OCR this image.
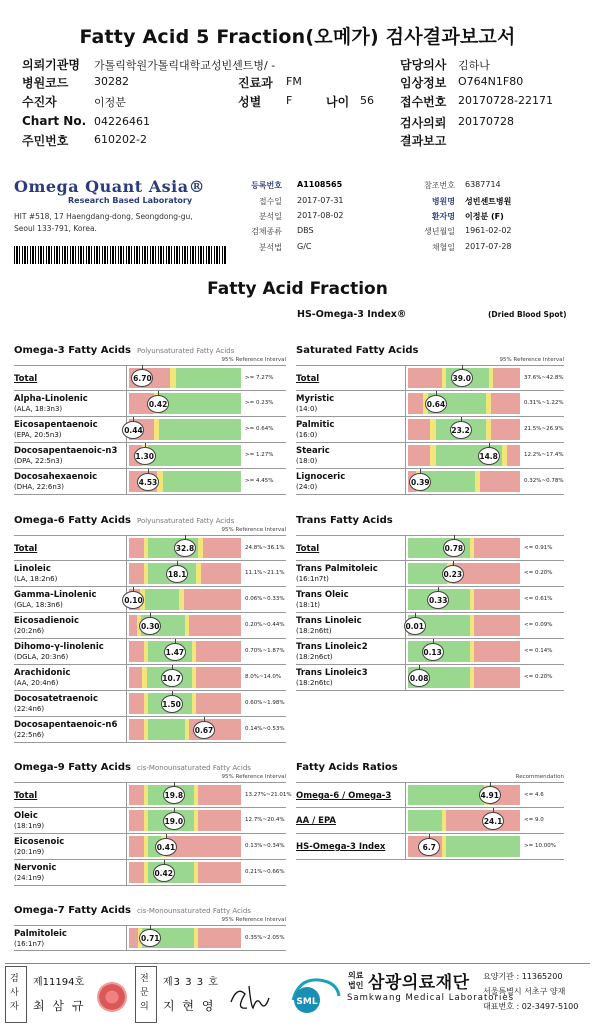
Fatty Acid 5 Fraction(오메가) 검사결과보고서
의뢰기관명 가톨릭학원가톨릭대학교성빈센트병/ -
병원코드 30282
수진자	이정분
Chart No. 04226461
주민번호 610202-2
진료과 FM
성별 F	나이 56
담당의사 김하나
임상정보 O764N1F80
접수번호 20170728-22171
검사의뢰 20170728
결과보고
Omega Quant Asia®
Research Based Laboratory
HIT #518, 17 Haengdang-dong, Seongdong-gu, Seoul 133-791, Korea.
등록번호 A1108565
접수일 2017-07-31
분석일 2017-08-02
검체종류 DBS
분석법 G/C
참조번호 6387714
병원명 성빈센트병원
환자명 이정분 (F)
생년월일 1961-02-02
채혈일 2017-07-28
Fatty Acid Fraction
HS-Omega-3 Index®	(Dried Blood Spot)
Omega-3 Fatty Acids Polyunsaturated Fatty Acids
95% Reference Interval
Total	6.70	>= 7.27%
Alpha-Linolenic
(ALA, 18:3n3)
0.42	>= 0.23%
Eicosapentaenoic
(EPA, 20:5n3)
0.44	>= 0.64%
Docosapentaenoic-n3
(DPA, 22:5n3)
1.30	>= 1.27%
Docosahexaenoic
(DHA, 22:6n3)
4.53	>= 4.45%
Saturated Fatty Acids
95% Reference Interval
Total	39.0	37.6%~42.8%
Myristic
(14:0)
0.64	0.31%~1.22%
Palmitic
(16:0)
23.2	21.5%~26.9%
Stearic
(18:0)
14.8	12.2%~17.4%
Lignoceric
(24:0)
0.39	0.32%~0.78%
Omega-6 Fatty Acids Polyunsaturated Fatty Acids
95% Reference Interval
Total	32.8	24.8%~36.1%
Linoleic
(LA, 18:2n6)
18.1	11.1%~21.1%
Gamma-Linolenic
(GLA, 18:3n6)
0.10	0.06%~0.33%
Eicosadienoic
(20:2n6)
0.30	0.20%~0.44%
Dihomo-γ-linolenic
(DGLA, 20:3n6)
1.47	0.70%~1.87%
Arachidonic
(AA, 20:4n6)
10.7	8.0%~14.0%
Docosatetraenoic
(22:4n6)
1.50	0.60%~1.98%
Docosapentaenoic-n6
(22:5n6)
0.67	0.14%~0.53%
Trans Fatty Acids
Total	0.78	<= 0.91%
Trans Palmitoleic
(16:1n7t)
0.23	<= 0.20%
Trans Oleic
(18:1t)
0.33	<= 0.61%
Trans Linoleic
(18:2n6tt)
0.01	<= 0.09%
Trans Linoleic2
(18:2n6ct)
0.13	<= 0.14%
Trans Linoleic3
(18:2n6tc)
0.08	<= 0.20%
Omega-9 Fatty Acids cis-Monounsaturated Fatty Acids
95% Reference Interval
Total	19.8	13.27%~21.01%
Oleic
(18:1n9)
19.0	12.7%~20.4%
Eicosenoic
(20:1n9)
0.41	0.13%~0.34%
Nervonic
(24:1n9)
0.42	0.21%~0.66%
Fatty Acids Ratios
Recommendation
Omega-6 / Omega-3	4.91	<= 4.6
AA / EPA	24.1	<= 9.0
HS-Omega-3 Index	6.7	>= 10.00%
Omega-7 Fatty Acids cis-Monounsaturated Fatty Acids
95% Reference Interval
Palmitoleic
(16:1n7)
0.71	0.35%~2.05%
검사자
제11194호
최 삼 규
전문의
제3 3 3 호
지 현 영	SML
의료법인 삼광의료재단
Samkwang Medical Laboratories
요양기관 : 11365200
서울특별시 서초구 양재
대표번호 : 02-3497-5100
